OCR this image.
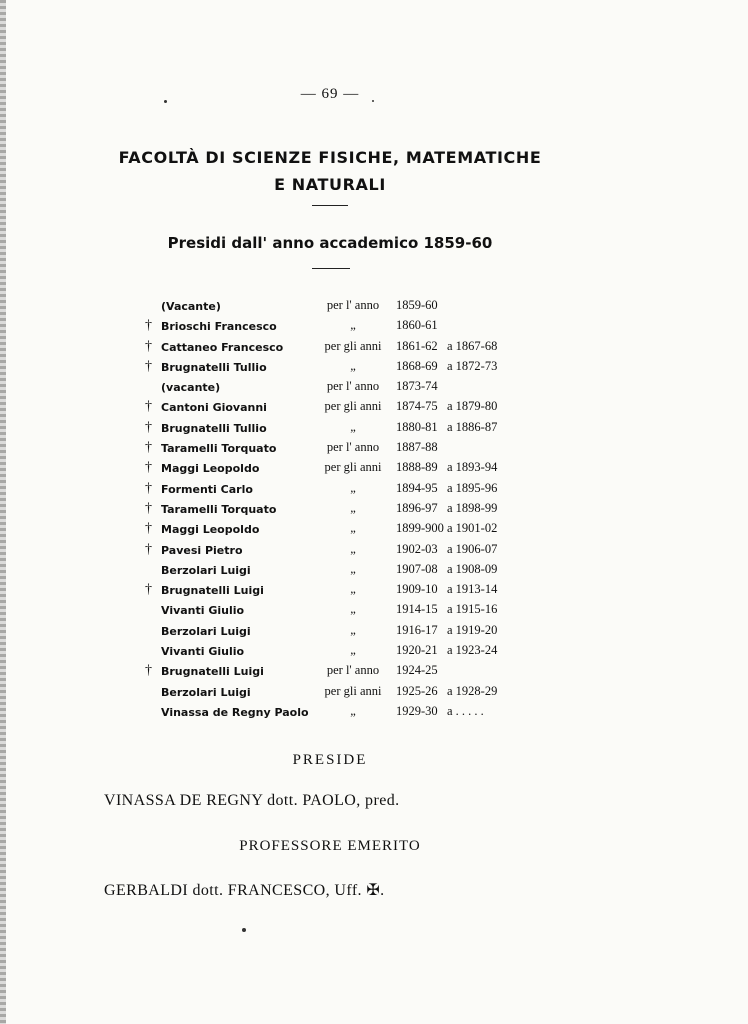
— 69 —
FACOLTÀ DI SCIENZE FISICHE, MATEMATICHE
E NATURALI
Presidi dall' anno accademico 1859-60
(Vacante)	per l' anno	1859-60
† Brioschi Francesco	„	1860-61
† Cattaneo Francesco	per gli anni	1861-62 a 1867-68
† Brugnatelli Tullio	„	1868-69 a 1872-73
(vacante)	per l' anno	1873-74
† Cantoni Giovanni	per gli anni	1874-75 a 1879-80
† Brugnatelli Tullio	„	1880-81 a 1886-87
† Taramelli Torquato	per l' anno	1887-88
† Maggi Leopoldo	per gli anni	1888-89 a 1893-94
† Formenti Carlo	„	1894-95 a 1895-96
† Taramelli Torquato	„	1896-97 a 1898-99
† Maggi Leopoldo	„	1899-900 a 1901-02
† Pavesi Pietro	„	1902-03 a 1906-07
Berzolari Luigi	„	1907-08 a 1908-09
† Brugnatelli Luigi	„	1909-10 a 1913-14
Vivanti Giulio	„	1914-15 a 1915-16
Berzolari Luigi	„	1916-17 a 1919-20
Vivanti Giulio	„	1920-21 a 1923-24
† Brugnatelli Luigi	per l' anno	1924-25
Berzolari Luigi	per gli anni	1925-26 a 1928-29
Vinassa de Regny Paolo	„	1929-30 a . . . . .
PRESIDE
VINASSA DE REGNY dott. PAOLO, pred.
PROFESSORE EMERITO
GERBALDI dott. FRANCESCO, Uff. ✠.
